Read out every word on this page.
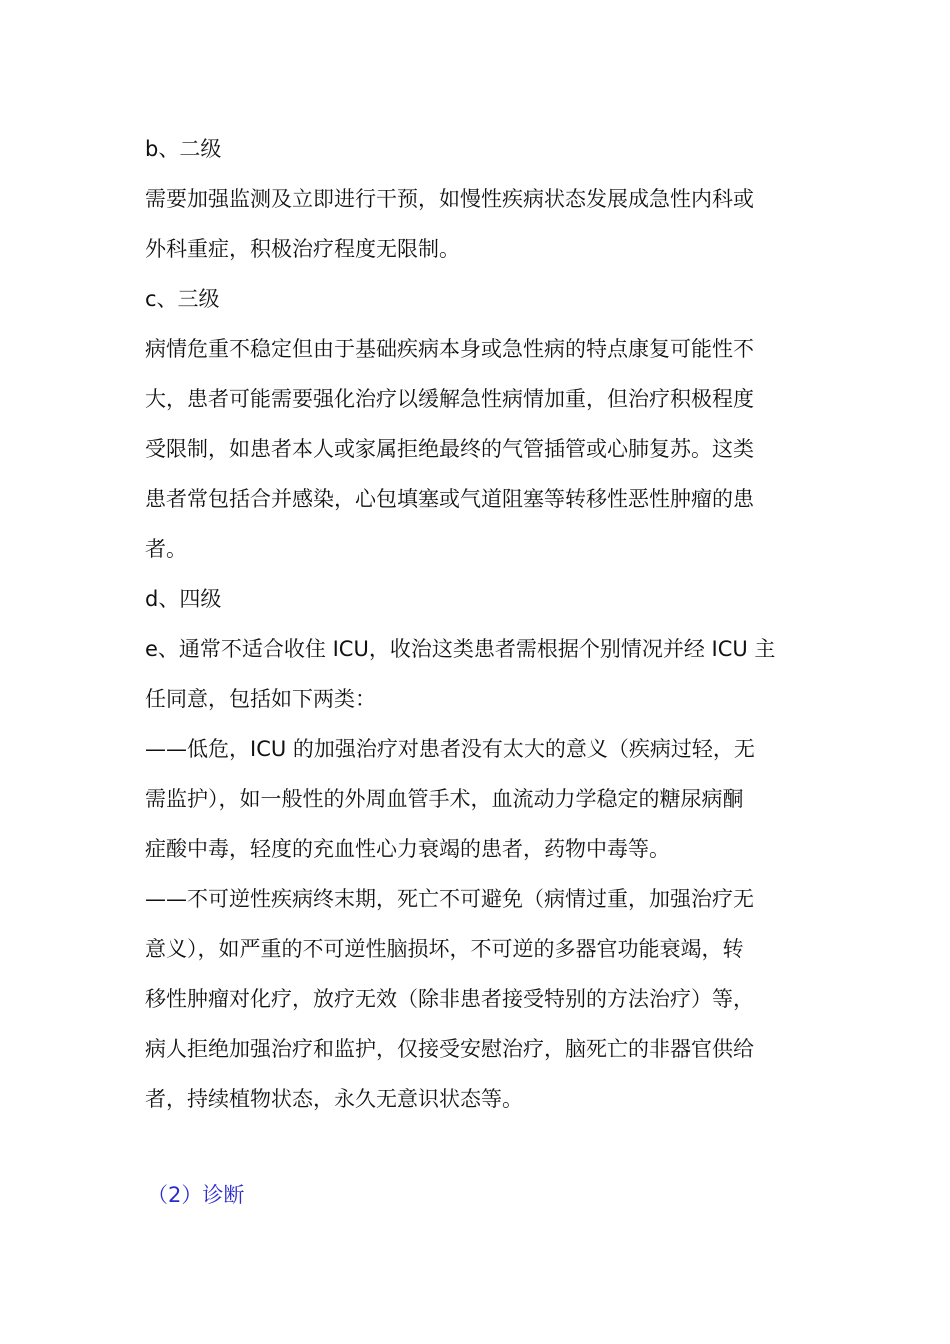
b、二级
需要加强监测及立即进行干预，如慢性疾病状态发展成急性内科或
外科重症，积极治疗程度无限制。
c、三级
病情危重不稳定但由于基础疾病本身或急性病的特点康复可能性不
大，患者可能需要强化治疗以缓解急性病情加重，但治疗积极程度
受限制，如患者本人或家属拒绝最终的气管插管或心肺复苏。这类
患者常包括合并感染，心包填塞或气道阻塞等转移性恶性肿瘤的患
者。
d、四级
e、通常不适合收住 ICU，收治这类患者需根据个别情况并经 ICU 主
任同意，包括如下两类：
——低危，ICU 的加强治疗对患者没有太大的意义（疾病过轻，无
需监护），如一般性的外周血管手术，血流动力学稳定的糖尿病酮
症酸中毒，轻度的充血性心力衰竭的患者，药物中毒等。
——不可逆性疾病终末期，死亡不可避免（病情过重，加强治疗无
意义），如严重的不可逆性脑损坏，不可逆的多器官功能衰竭，转
移性肿瘤对化疗，放疗无效（除非患者接受特别的方法治疗）等，
病人拒绝加强治疗和监护，仅接受安慰治疗，脑死亡的非器官供给
者，持续植物状态，永久无意识状态等。
（2）诊断
